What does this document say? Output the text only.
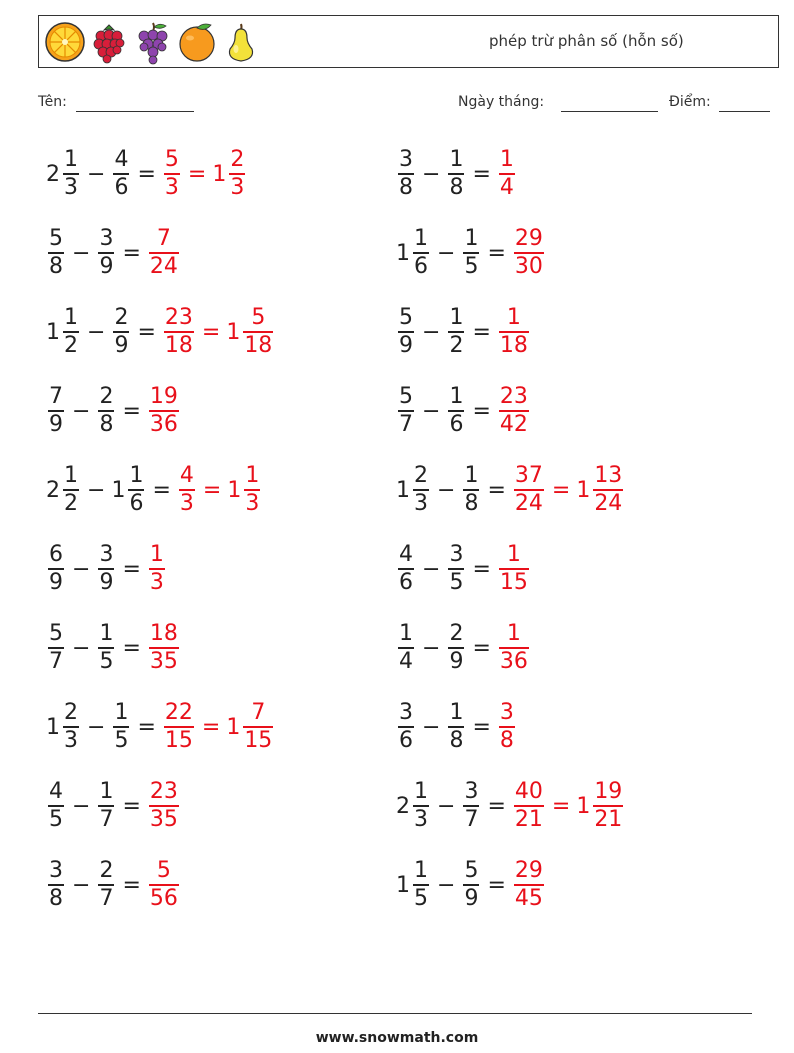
phép trừ phân số (hỗn số)
Tên:	Ngày tháng:	Điểm:
$2 \frac{1}{3} - \frac{4}{6} = \frac{5}{3} = 1 \frac{2}{3}$	$\frac{3}{8} - \frac{1}{8} = \frac{1}{4}$
$\frac{5}{8} - \frac{3}{9} = \frac{7}{24}$	$1 \frac{1}{6} - \frac{1}{5} = \frac{29}{30}$
$1 \frac{1}{2} - \frac{2}{9} = \frac{23}{18} = 1 \frac{5}{18}$	$\frac{5}{9} - \frac{1}{2} = \frac{1}{18}$
$\frac{7}{9} - \frac{2}{8} = \frac{19}{36}$	$\frac{5}{7} - \frac{1}{6} = \frac{23}{42}$
$2 \frac{1}{2} - 1 \frac{1}{6} = \frac{4}{3} = 1 \frac{1}{3}$	$1 \frac{2}{3} - \frac{1}{8} = \frac{37}{24} = 1 \frac{13}{24}$
$\frac{6}{9} - \frac{3}{9} = \frac{1}{3}$	$\frac{4}{6} - \frac{3}{5} = \frac{1}{15}$
$\frac{5}{7} - \frac{1}{5} = \frac{18}{35}$	$\frac{1}{4} - \frac{2}{9} = \frac{1}{36}$
$1 \frac{2}{3} - \frac{1}{5} = \frac{22}{15} = 1 \frac{7}{15}$	$\frac{3}{6} - \frac{1}{8} = \frac{3}{8}$
$\frac{4}{5} - \frac{1}{7} = \frac{23}{35}$	$2 \frac{1}{3} - \frac{3}{7} = \frac{40}{21} = 1 \frac{19}{21}$
$\frac{3}{8} - \frac{2}{7} = \frac{5}{56}$	$1 \frac{1}{5} - \frac{5}{9} = \frac{29}{45}$
www.snowmath.com
